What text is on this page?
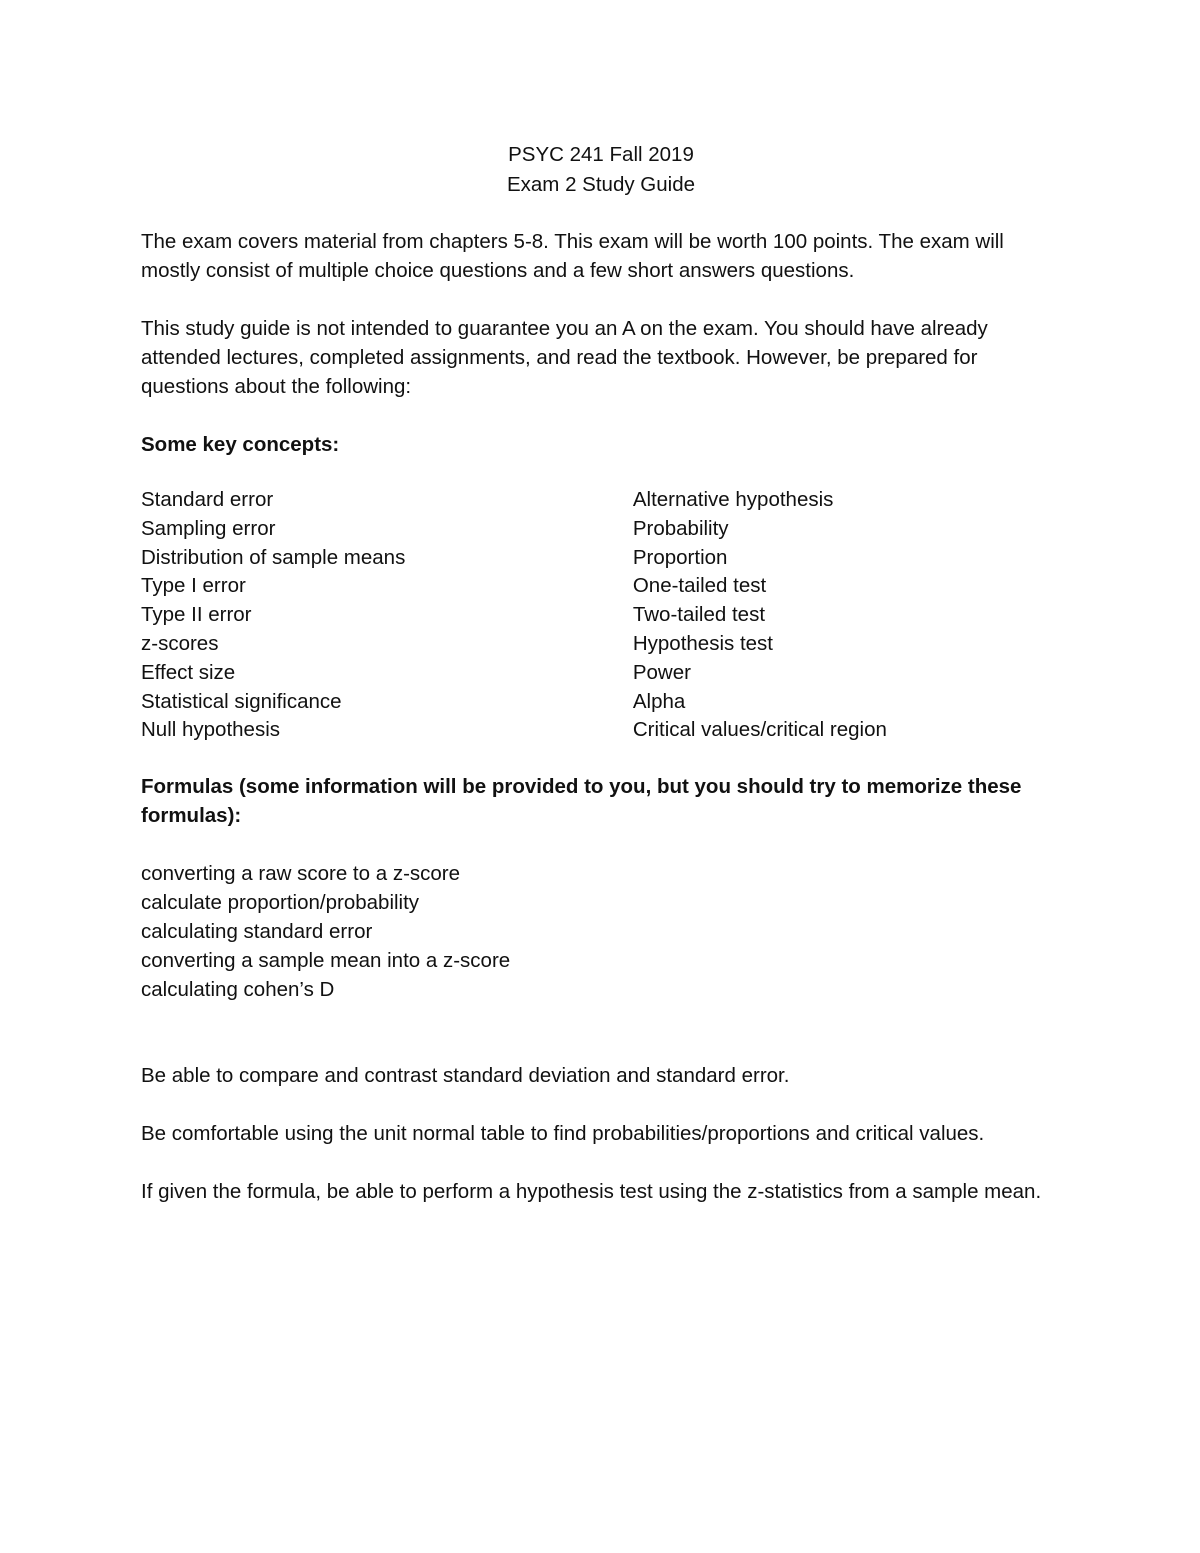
PSYC 241 Fall 2019
Exam 2 Study Guide

The exam covers material from chapters 5-8. This exam will be worth 100 points. The exam will mostly consist of multiple choice questions and a few short answers questions.

This study guide is not intended to guarantee you an A on the exam. You should have already attended lectures, completed assignments, and read the textbook. However, be prepared for questions about the following:

Some key concepts:

Standard error
Sampling error
Distribution of sample means
Type I error
Type II error
z-scores
Effect size
Statistical significance
Null hypothesis
Alternative hypothesis
Probability
Proportion
One-tailed test
Two-tailed test
Hypothesis test
Power
Alpha
Critical values/critical region

Formulas (some information will be provided to you, but you should try to memorize these formulas):

converting a raw score to a z-score
calculate proportion/probability
calculating standard error
converting a sample mean into a z-score
calculating cohen’s D

Be able to compare and contrast standard deviation and standard error.

Be comfortable using the unit normal table to find probabilities/proportions and critical values.

If given the formula, be able to perform a hypothesis test using the z-statistics from a sample mean.
